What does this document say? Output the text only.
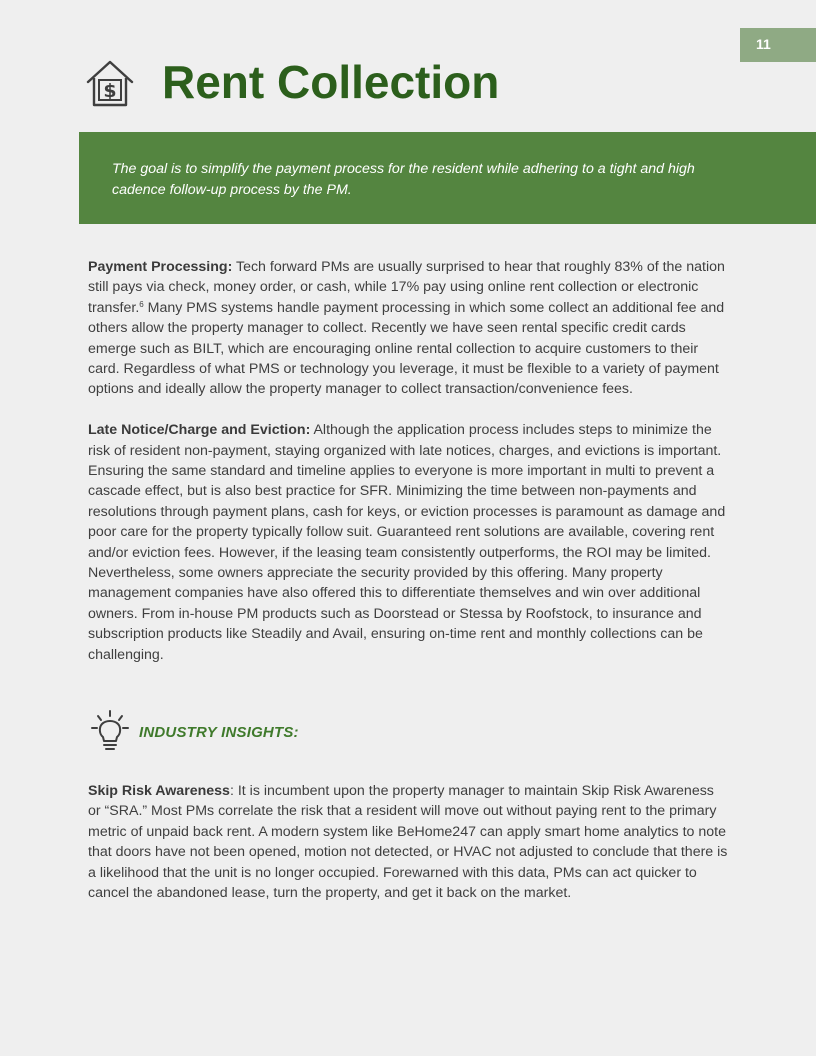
11
$ Rent Collection

The goal is to simplify the payment process for the resident while adhering to a tight and high cadence follow-up process by the PM.

Payment Processing: Tech forward PMs are usually surprised to hear that roughly 83% of the nation still pays via check, money order, or cash, while 17% pay using online rent collection or electronic transfer.$^6$ Many PMS systems handle payment processing in which some collect an additional fee and others allow the property manager to collect. Recently we have seen rental specific credit cards emerge such as BILT, which are encouraging online rental collection to acquire customers to their card. Regardless of what PMS or technology you leverage, it must be flexible to a variety of payment options and ideally allow the property manager to collect transaction/convenience fees.

Late Notice/Charge and Eviction: Although the application process includes steps to minimize the risk of resident non-payment, staying organized with late notices, charges, and evictions is important. Ensuring the same standard and timeline applies to everyone is more important in multi to prevent a cascade effect, but is also best practice for SFR. Minimizing the time between non-payments and resolutions through payment plans, cash for keys, or eviction processes is paramount as damage and poor care for the property typically follow suit. Guaranteed rent solutions are available, covering rent and/or eviction fees. However, if the leasing team consistently outperforms, the ROI may be limited. Nevertheless, some owners appreciate the security provided by this offering. Many property management companies have also offered this to differentiate themselves and win over additional owners. From in-house PM products such as Doorstead or Stessa by Roofstock, to insurance and subscription products like Steadily and Avail, ensuring on-time rent and monthly collections can be challenging.

INDUSTRY INSIGHTS:

Skip Risk Awareness: It is incumbent upon the property manager to maintain Skip Risk Awareness or “SRA.” Most PMs correlate the risk that a resident will move out without paying rent to the primary metric of unpaid back rent. A modern system like BeHome247 can apply smart home analytics to note that doors have not been opened, motion not detected, or HVAC not adjusted to conclude that there is a likelihood that the unit is no longer occupied. Forewarned with this data, PMs can act quicker to cancel the abandoned lease, turn the property, and get it back on the market.
